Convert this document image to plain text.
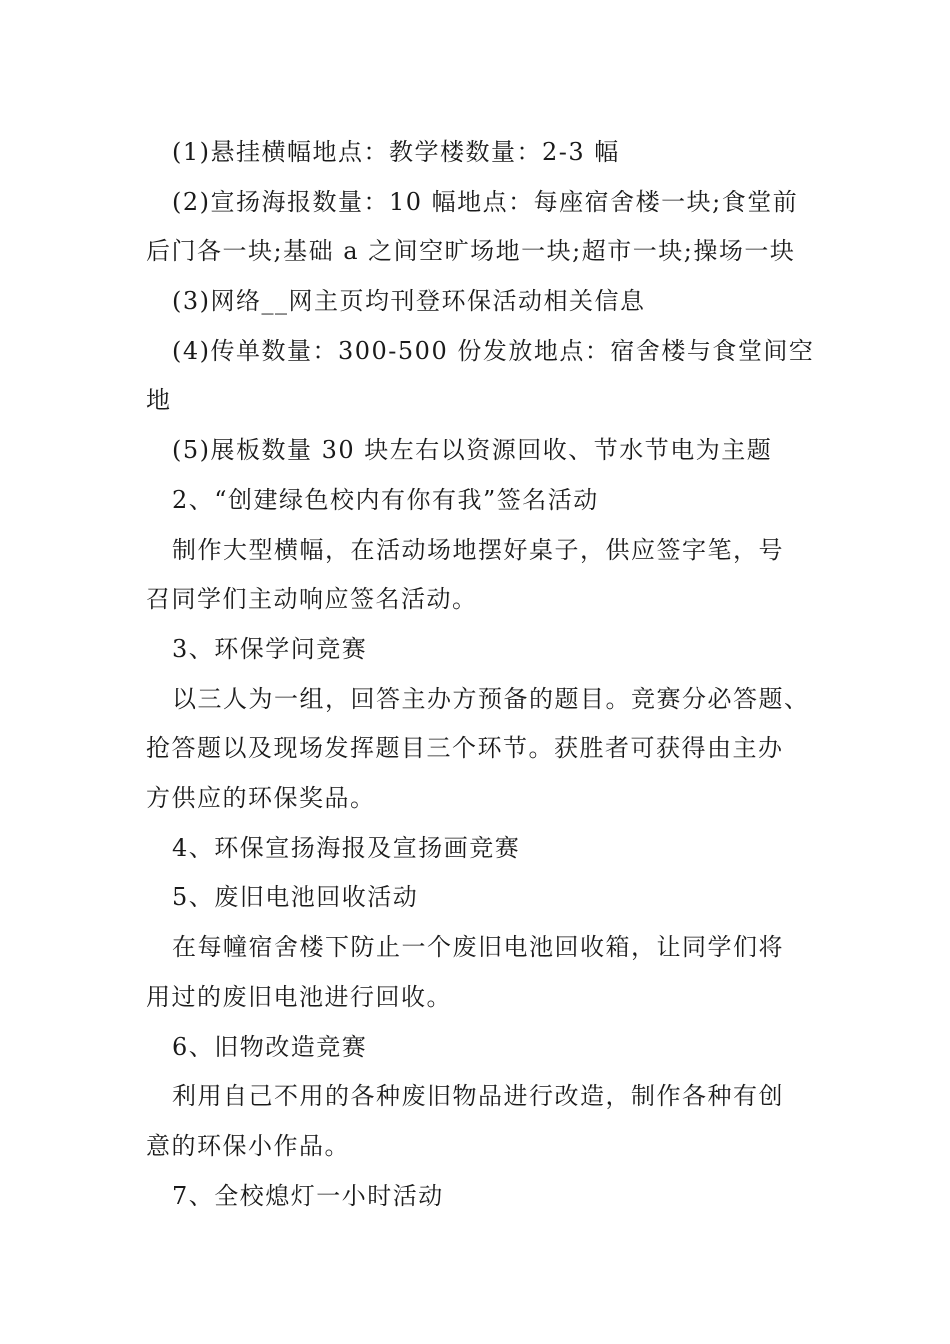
(1)悬挂横幅地点：教学楼数量：2-3 幅
(2)宣扬海报数量：10 幅地点：每座宿舍楼一块;食堂前
后门各一块;基础 a 之间空旷场地一块;超市一块;操场一块
(3)网络__网主页均刊登环保活动相关信息
(4)传单数量：300-500 份发放地点：宿舍楼与食堂间空
地
(5)展板数量 30 块左右以资源回收、节水节电为主题
2、“创建绿色校内有你有我”签名活动
制作大型横幅，在活动场地摆好桌子，供应签字笔，号
召同学们主动响应签名活动。
3、环保学问竞赛
以三人为一组，回答主办方预备的题目。竞赛分必答题、
抢答题以及现场发挥题目三个环节。获胜者可获得由主办
方供应的环保奖品。
4、环保宣扬海报及宣扬画竞赛
5、废旧电池回收活动
在每幢宿舍楼下防止一个废旧电池回收箱，让同学们将
用过的废旧电池进行回收。
6、旧物改造竞赛
利用自己不用的各种废旧物品进行改造，制作各种有创
意的环保小作品。
7、全校熄灯一小时活动
